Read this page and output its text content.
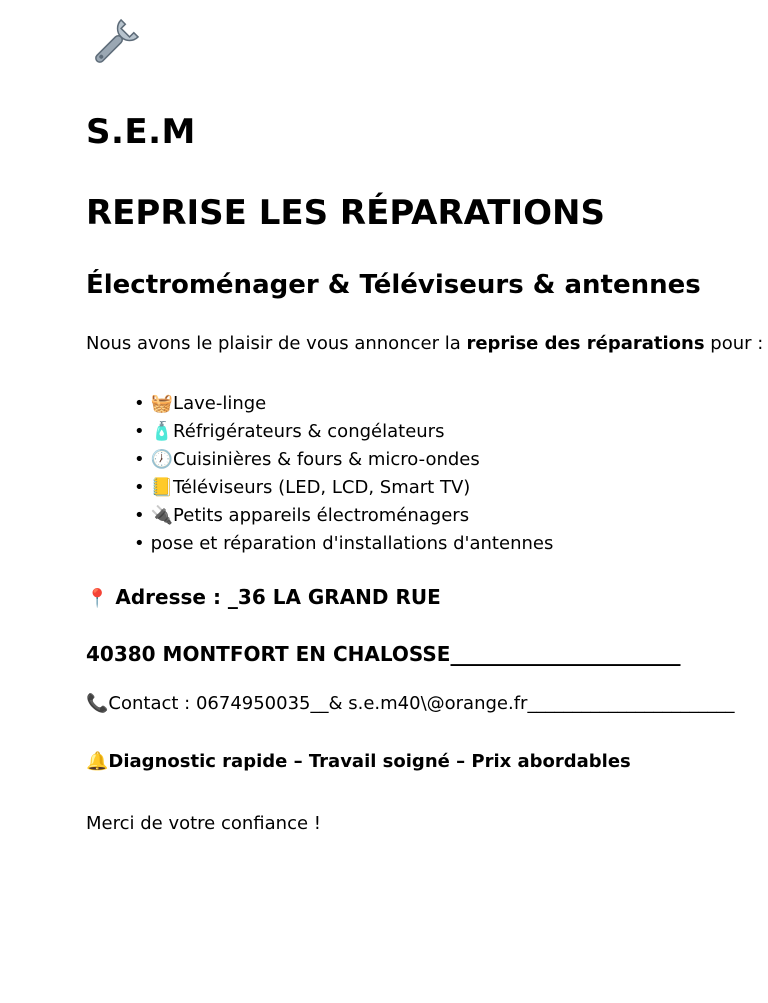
S.E.M
REPRISE LES RÉPARATIONS
Électroménager & Téléviseurs & antennes

Nous avons le plaisir de vous annoncer la reprise des réparations pour :

• 🧺Lave-linge
• 🧴Réfrigérateurs & congélateurs
• 🕖Cuisinières & fours & micro-ondes
• 📒Téléviseurs (LED, LCD, Smart TV)
• 🔌Petits appareils électroménagers
• pose et réparation d'installations d'antennes

📍 Adresse : _36 LA GRAND RUE

40380 MONTFORT EN CHALOSSE_______________________

📞Contact : 0674950035__& s.e.m40\@orange.fr_______________________

🔔Diagnostic rapide – Travail soigné – Prix abordables

Merci de votre confiance !
